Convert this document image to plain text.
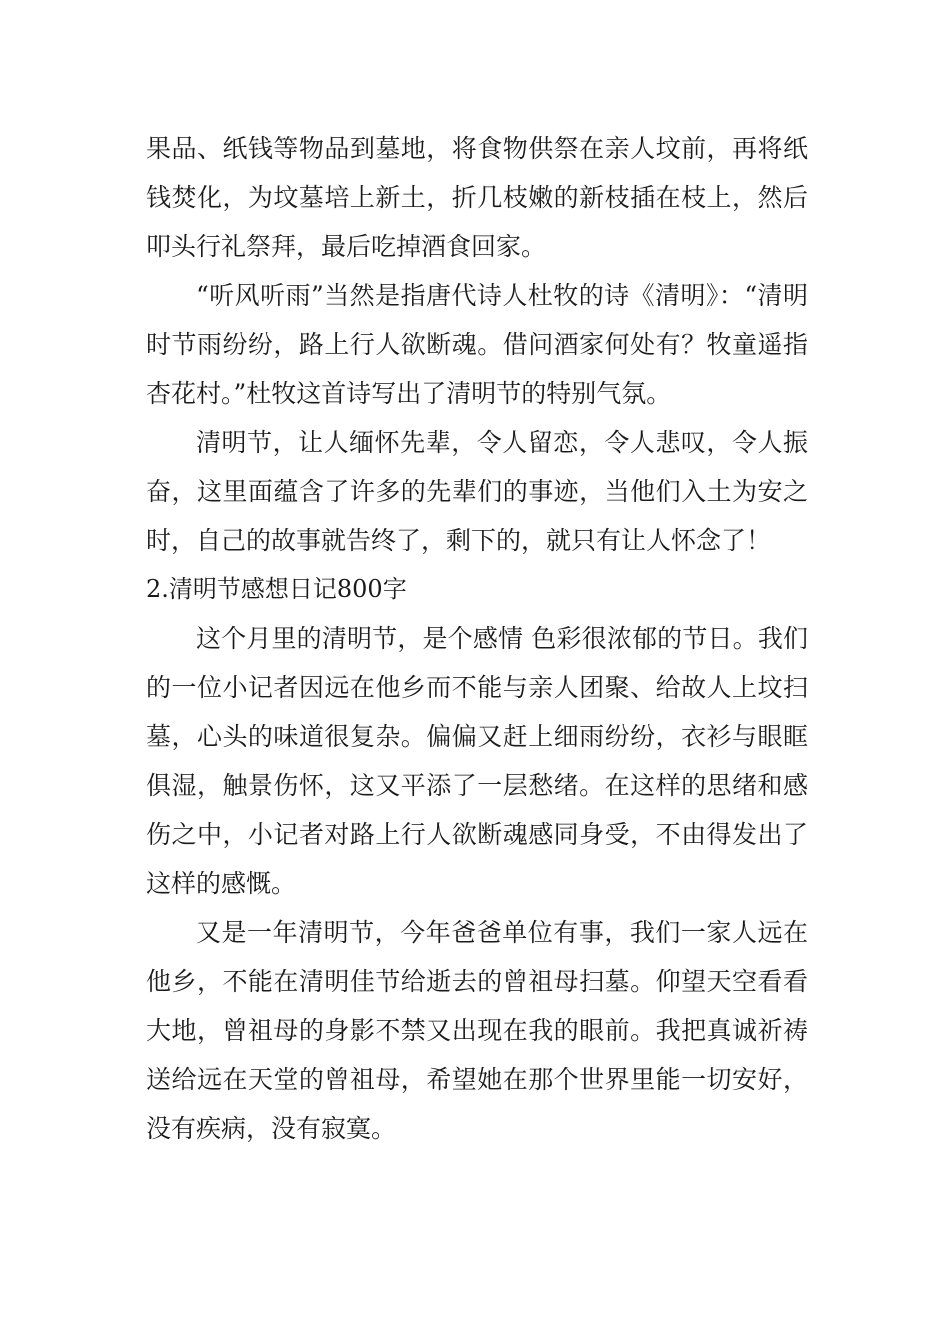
果品、纸钱等物品到墓地，将食物供祭在亲人坟前，再将纸钱焚化，为坟墓培上新土，折几枝嫩的新枝插在枝上，然后叩头行礼祭拜，最后吃掉酒食回家。

“听风听雨”当然是指唐代诗人杜牧的诗《清明》：“清明时节雨纷纷，路上行人欲断魂。借问酒家何处有？牧童遥指杏花村。”杜牧这首诗写出了清明节的特别气氛。

清明节，让人缅怀先辈，令人留恋，令人悲叹，令人振奋，这里面蕴含了许多的先辈们的事迹，当他们入土为安之时，自己的故事就告终了，剩下的，就只有让人怀念了！

2.清明节感想日记800字

这个月里的清明节，是个感情 色彩很浓郁的节日。我们的一位小记者因远在他乡而不能与亲人团聚、给故人上坟扫墓，心头的味道很复杂。偏偏又赶上细雨纷纷，衣衫与眼眶俱湿，触景伤怀，这又平添了一层愁绪。在这样的思绪和感伤之中，小记者对路上行人欲断魂感同身受，不由得发出了这样的感慨。

又是一年清明节，今年爸爸单位有事，我们一家人远在他乡，不能在清明佳节给逝去的曾祖母扫墓。仰望天空看看大地，曾祖母的身影不禁又出现在我的眼前。我把真诚祈祷送给远在天堂的曾祖母，希望她在那个世界里能一切安好，没有疾病，没有寂寞。
